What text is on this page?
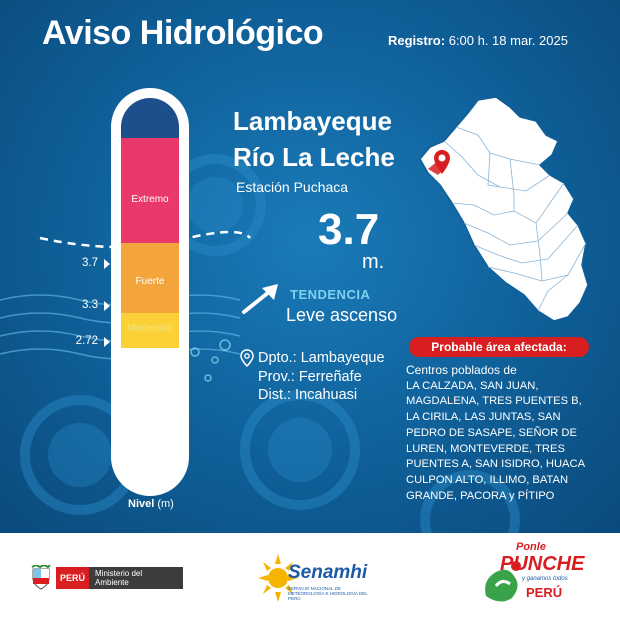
Aviso Hidrológico	Registro: 6:00 h. 18 mar. 2025
Extremo
Fuerte
Moderado
3.7
3.3
2.72
Nivel (m)
Lambayeque
Río La Leche
Estación Puchaca
3.7
m.
TENDENCIA
Leve ascenso
Dpto.: Lambayeque
Prov.: Ferreñafe
Dist.: Incahuasi
Probable área afectada:
Centros poblados de
LA CALZADA, SAN JUAN, MAGDALENA, TRES PUENTES B, LA CIRILA, LAS JUNTAS, SAN PEDRO DE SASAPE, SEÑOR DE LUREN, MONTEVERDE, TRES PUENTES A, SAN ISIDRO, HUACA CULPON ALTO, ILLIMO, BATAN GRANDE, PACORA y PÍTIPO
PERÚ	Ministerio del Ambiente	Senamhi
SERVICIO NACIONAL DE METEOROLOGÍA E HIDROLOGÍA DEL PERÚ
Ponle
PUNCHE
y ganamos todos
PERÚ
